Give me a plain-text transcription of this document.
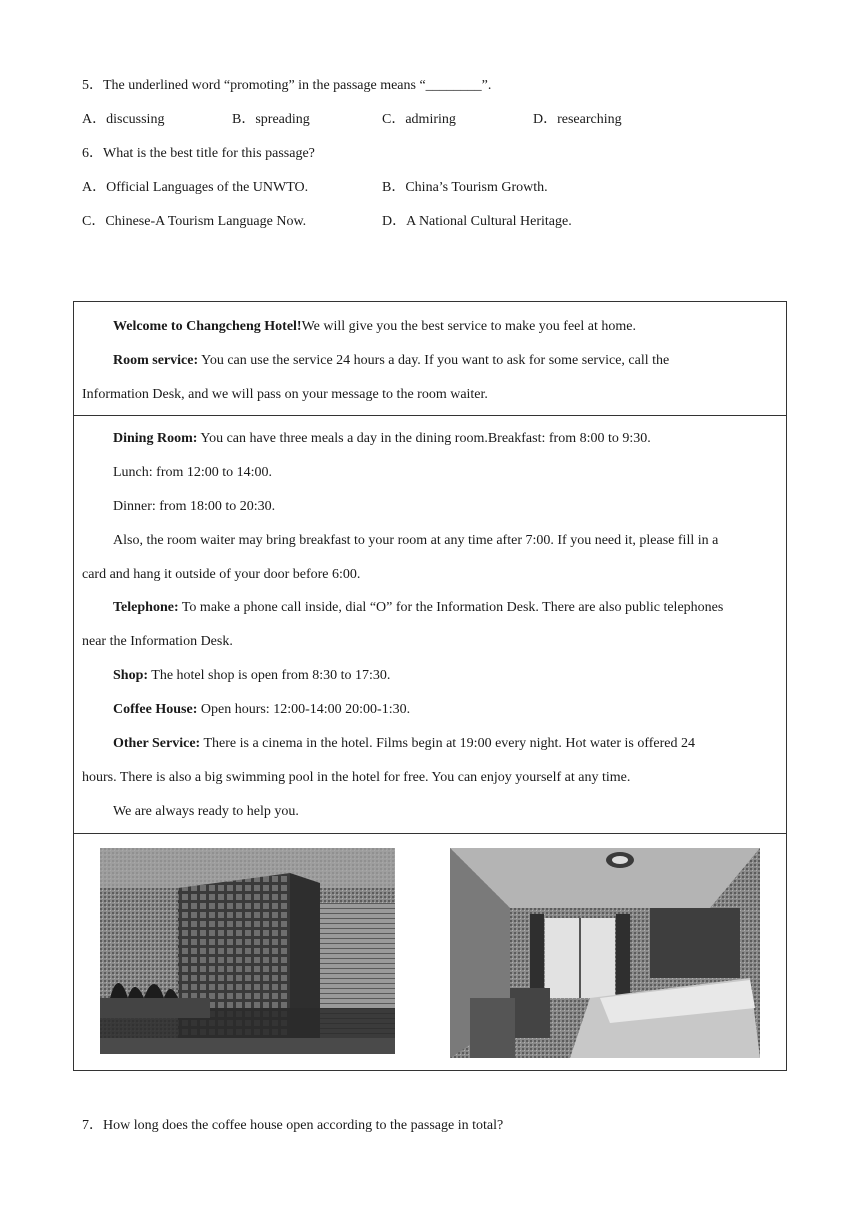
5．The underlined word “promoting” in the passage means “________”.
A．discussing	B．spreading	C．admiring	D．researching
6．What is the best title for this passage?
A．Official Languages of the UNWTO.	B．China’s Tourism Growth.
C．Chinese-A Tourism Language Now.	D．A National Cultural Heritage.
Welcome to Changcheng Hotel!We will give you the best service to make you feel at home.
Room service: You can use the service 24 hours a day. If you want to ask for some service, call the
Information Desk, and we will pass on your message to the room waiter.
Dining Room: You can have three meals a day in the dining room.Breakfast: from 8:00 to 9:30.
Lunch: from 12:00 to 14:00.
Dinner: from 18:00 to 20:30.
Also, the room waiter may bring breakfast to your room at any time after 7:00. If you need it, please fill in a
card and hang it outside of your door before 6:00.
Telephone: To make a phone call inside, dial “O” for the Information Desk. There are also public telephones
near the Information Desk.
Shop: The hotel shop is open from 8:30 to 17:30.
Coffee House: Open hours: 12:00-14:00 20:00-1:30.
Other Service: There is a cinema in the hotel. Films begin at 19:00 every night. Hot water is offered 24
hours. There is also a big swimming pool in the hotel for free. You can enjoy yourself at any time.
We are always ready to help you.
7．How long does the coffee house open according to the passage in total?
